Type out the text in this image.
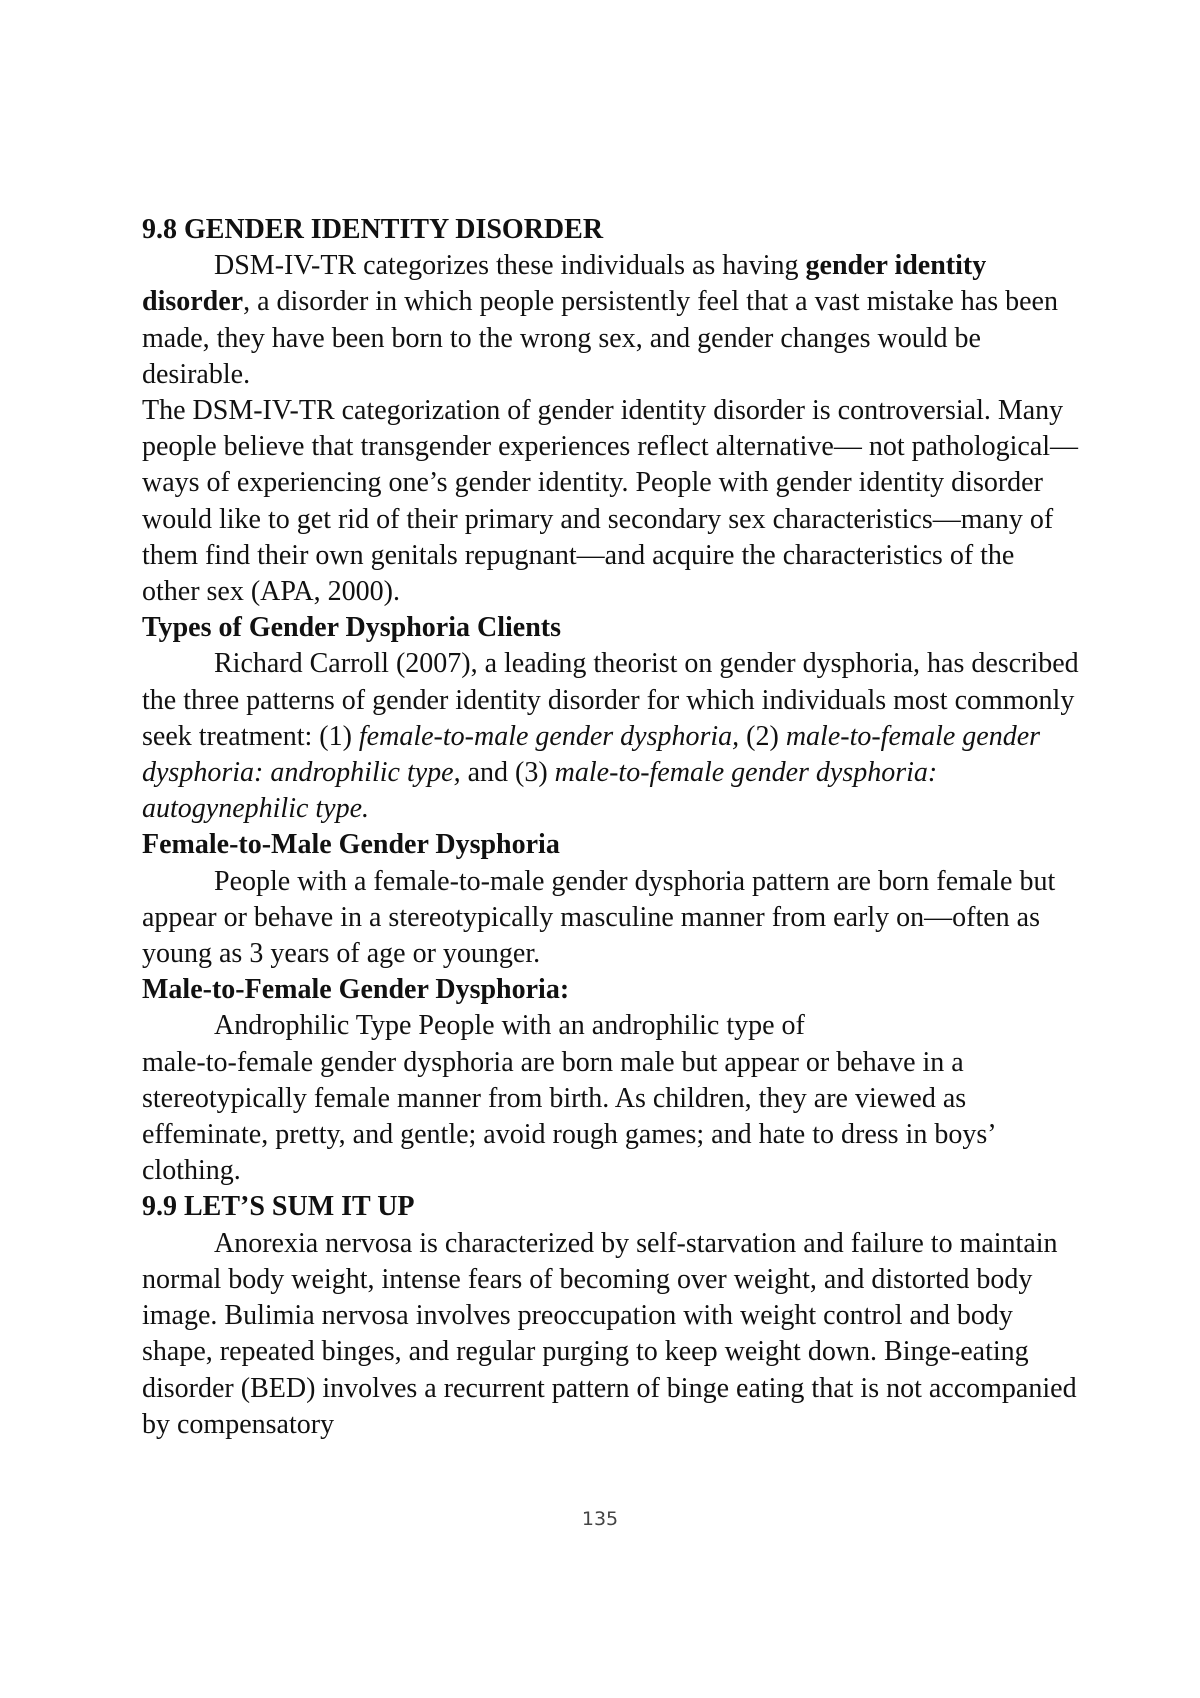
9.8 GENDER IDENTITY DISORDER

DSM-IV-TR categorizes these individuals as having gender identity disorder, a disorder in which people persistently feel that a vast mistake has been made, they have been born to the wrong sex, and gender changes would be desirable.

The DSM-IV-TR categorization of gender identity disorder is controversial. Many people believe that transgender experiences reflect alternative— not pathological—ways of experiencing one’s gender identity. People with gender identity disorder would like to get rid of their primary and secondary sex characteristics—many of them find their own genitals repugnant—and acquire the characteristics of the
other sex (APA, 2000).

Types of Gender Dysphoria Clients

Richard Carroll (2007), a leading theorist on gender dysphoria, has described the three patterns of gender identity disorder for which individuals most commonly seek treatment: (1) female-to-male gender dysphoria, (2) male-to-female gender dysphoria: androphilic type, and (3) male-to-female gender dysphoria: autogynephilic type.

Female-to-Male Gender Dysphoria

People with a female-to-male gender dysphoria pattern are born female but appear or behave in a stereotypically masculine manner from early on—often as young as 3 years of age or younger.

Male-to-Female Gender Dysphoria:

Androphilic Type People with an androphilic type of
male-to-female gender dysphoria are born male but appear or behave in a stereotypically female manner from birth. As children, they are viewed as effeminate, pretty, and gentle; avoid rough games; and hate to dress in boys’ clothing.

9.9 LET’S SUM IT UP

Anorexia nervosa is characterized by self-starvation and failure to maintain normal body weight, intense fears of becoming over weight, and distorted body image. Bulimia nervosa involves preoccupation with weight control and body shape, repeated binges, and regular purging to keep weight down. Binge-eating disorder (BED) involves a recurrent pattern of binge eating that is not accompanied by compensatory

135
